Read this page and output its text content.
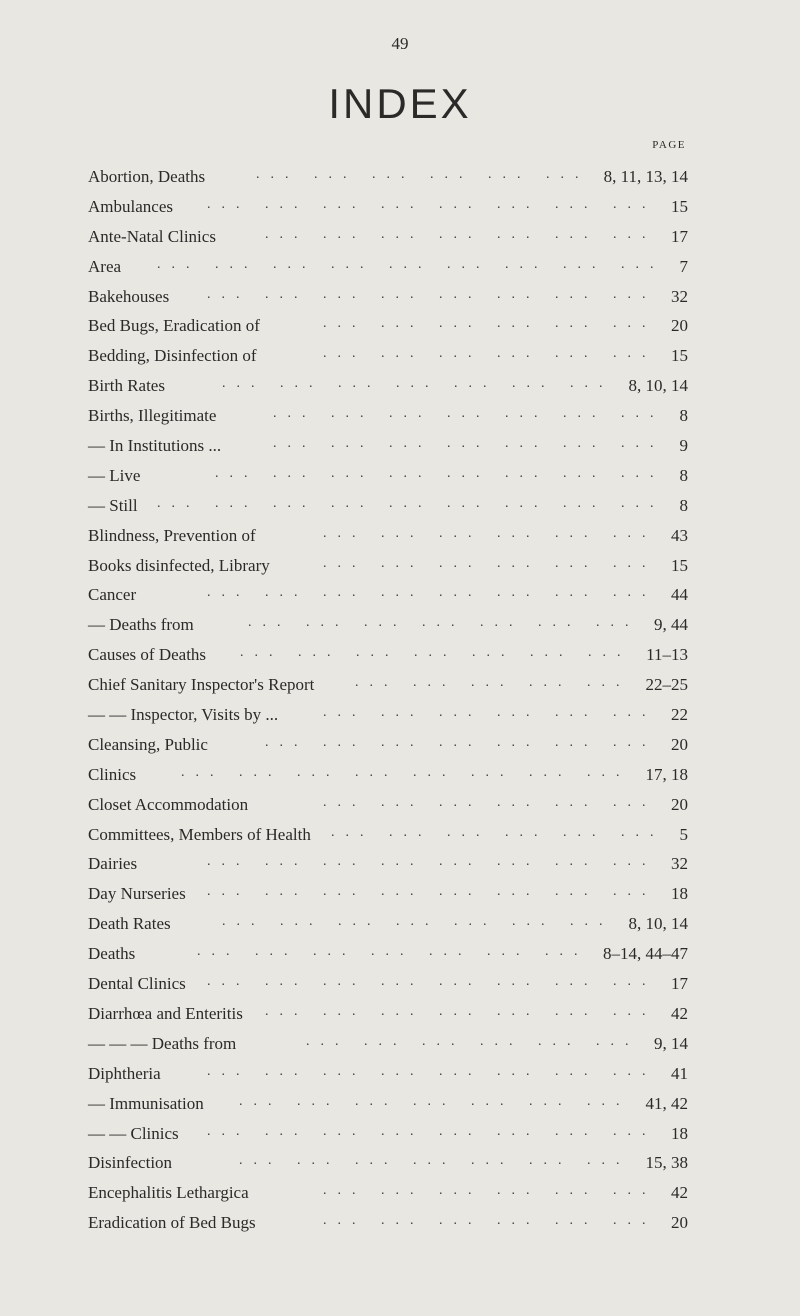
49
INDEX
PAGE
Abortion, Deaths	... ... ... ... ... ... 8, 11, 13, 14
Ambulances ... ... ... ... ... ... ... ... 15
Ante-Natal Clinics	... ... ... ... ... ... ... 17
Area	... ... ... ... ... ... ... ... ... 7
Bakehouses	... ... ... ... ... ... ... ... 32
Bed Bugs, Eradication of	... ... ... ... ... ... 20
Bedding, Disinfection of	... ... ... ... ... ... 15
Birth Rates	... ... ... ... ... ... ... 8, 10, 14
Births, Illegitimate	... ... ... ... ... ... ... 8
— In Institutions ...	... ... ... ... ... ... ... 9
— Live	... ... ... ... ... ... ... ... 8
— Still ... ... ... ... ... ... ... ... ... 8
Blindness, Prevention of	... ... ... ... ... ... 43
Books disinfected, Library	... ... ... ... ... ... 15
Cancer	... ... ... ... ... ... ... ... 44
— Deaths from	... ... ... ... ... ... ... 9, 44
Causes of Deaths ... ... ... ... ... ... ... 11–13
Chief Sanitary Inspector's Report	... ... ... ... ... 22–25
— — Inspector, Visits by ...	... ... ... ... ... ... 22
Cleansing, Public	... ... ... ... ... ... ... 20
Clinics	... ... ... ... ... ... ... ... 17, 18
Closet Accommodation	... ... ... ... ... ... 20
Committees, Members of Health ... ... ... ... ... ... 5
Dairies	... ... ... ... ... ... ... ... 32
Day Nurseries ... ... ... ... ... ... ... ... 18
Death Rates	... ... ... ... ... ... ... 8, 10, 14
Deaths	... ... ... ... ... ... ... 8–14, 44–47
Dental Clinics ... ... ... ... ... ... ... ... 17
Diarrhœa and Enteritis ... ... ... ... ... ... ... 42
— — — Deaths from	... ... ... ... ... ... 9, 14
Diphtheria	... ... ... ... ... ... ... ... 41
— Immunisation	... ... ... ... ... ... ... 41, 42
— — Clinics ... ... ... ... ... ... ... ... 18
Disinfection	... ... ... ... ... ... ... 15, 38
Encephalitis Lethargica	... ... ... ... ... ... 42
Eradication of Bed Bugs	... ... ... ... ... ... 20
